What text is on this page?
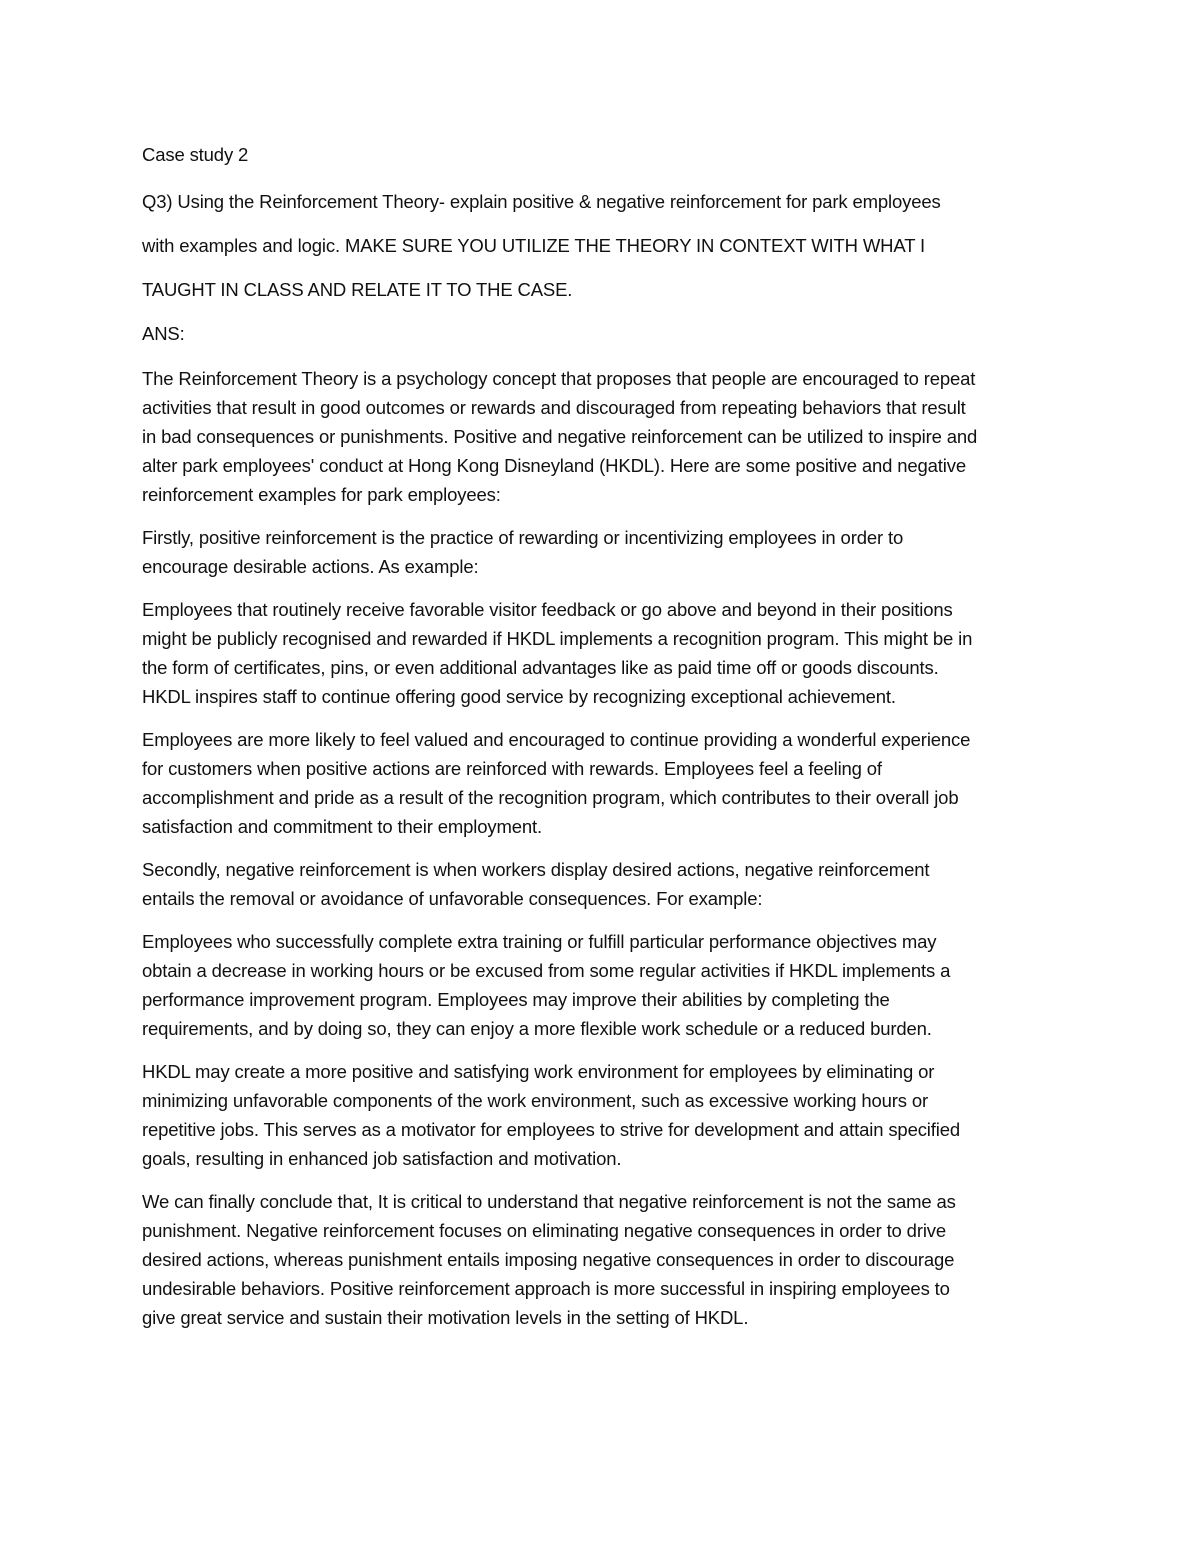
Case study 2
Q3) Using the Reinforcement Theory- explain positive & negative reinforcement for park employees
with examples and logic. MAKE SURE YOU UTILIZE THE THEORY IN CONTEXT WITH WHAT I
TAUGHT IN CLASS AND RELATE IT TO THE CASE.
ANS:
The Reinforcement Theory is a psychology concept that proposes that people are encouraged to repeat
activities that result in good outcomes or rewards and discouraged from repeating behaviors that result
in bad consequences or punishments. Positive and negative reinforcement can be utilized to inspire and
alter park employees' conduct at Hong Kong Disneyland (HKDL). Here are some positive and negative
reinforcement examples for park employees:
Firstly, positive reinforcement is the practice of rewarding or incentivizing employees in order to
encourage desirable actions. As example:
Employees that routinely receive favorable visitor feedback or go above and beyond in their positions
might be publicly recognised and rewarded if HKDL implements a recognition program. This might be in
the form of certificates, pins, or even additional advantages like as paid time off or goods discounts.
HKDL inspires staff to continue offering good service by recognizing exceptional achievement.
Employees are more likely to feel valued and encouraged to continue providing a wonderful experience
for customers when positive actions are reinforced with rewards. Employees feel a feeling of
accomplishment and pride as a result of the recognition program, which contributes to their overall job
satisfaction and commitment to their employment.
Secondly, negative reinforcement is when workers display desired actions, negative reinforcement
entails the removal or avoidance of unfavorable consequences. For example:
Employees who successfully complete extra training or fulfill particular performance objectives may
obtain a decrease in working hours or be excused from some regular activities if HKDL implements a
performance improvement program. Employees may improve their abilities by completing the
requirements, and by doing so, they can enjoy a more flexible work schedule or a reduced burden.
HKDL may create a more positive and satisfying work environment for employees by eliminating or
minimizing unfavorable components of the work environment, such as excessive working hours or
repetitive jobs. This serves as a motivator for employees to strive for development and attain specified
goals, resulting in enhanced job satisfaction and motivation.
We can finally conclude that, It is critical to understand that negative reinforcement is not the same as
punishment. Negative reinforcement focuses on eliminating negative consequences in order to drive
desired actions, whereas punishment entails imposing negative consequences in order to discourage
undesirable behaviors. Positive reinforcement approach is more successful in inspiring employees to
give great service and sustain their motivation levels in the setting of HKDL.
